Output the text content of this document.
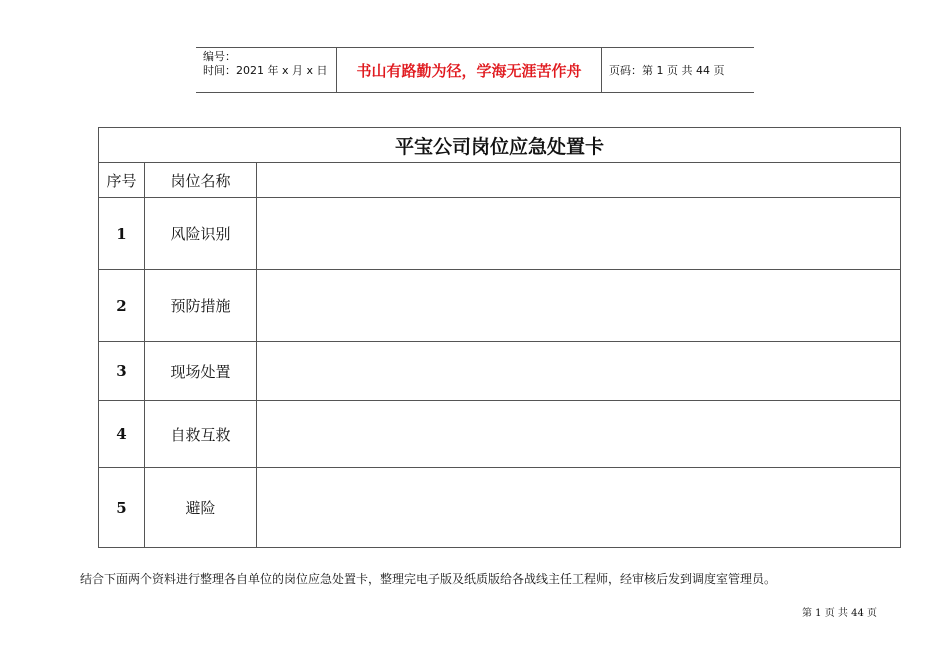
编号：
时间：2021 年 x 月 x 日	书山有路勤为径，学海无涯苦作舟	页码：第 1 页 共 44 页
平宝公司岗位应急处置卡		
序号	岗位名称	
1	风险识别	
2	预防措施	
3	现场处置	
4	自救互救	
5	避险	
结合下面两个资料进行整理各自单位的岗位应急处置卡，整理完电子版及纸质版给各战线主任工程师，经审核后发到调度室管理员。
第 1 页 共 44 页
